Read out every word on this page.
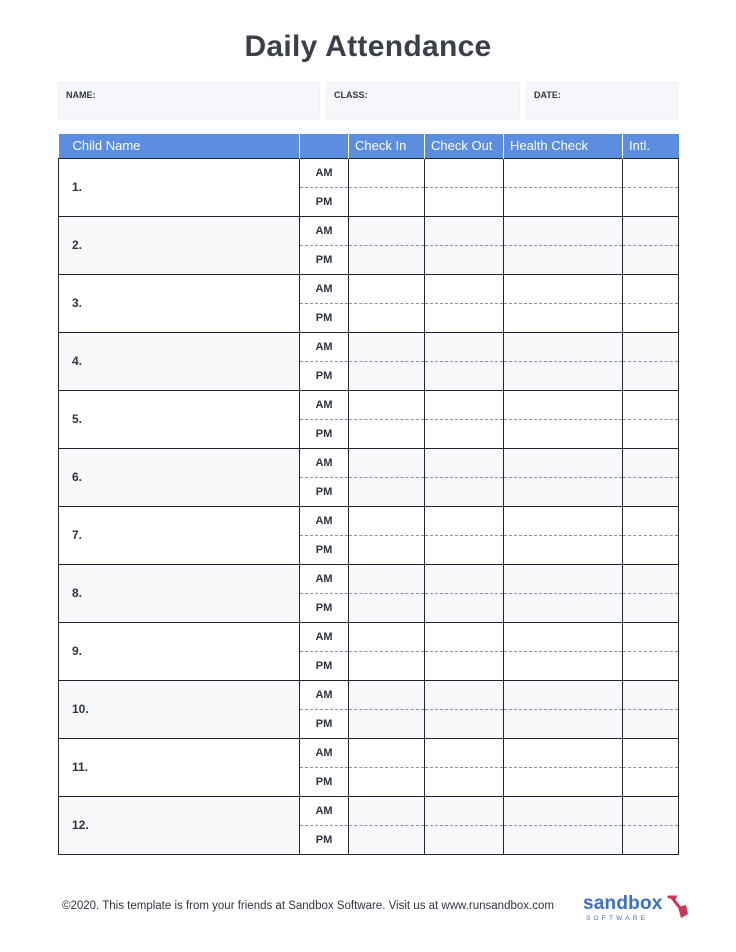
Daily Attendance
NAME:	CLASS:	DATE:
Child Name		Check In	Check Out	Health Check	Intl.
1.	AM				
	PM				
2.	AM				
	PM				
3.	AM				
	PM				
4.	AM				
	PM				
5.	AM				
	PM				
6.	AM				
	PM				
7.	AM				
	PM				
8.	AM				
	PM				
9.	AM				
	PM				
10.	AM				
	PM				
11.	AM				
	PM				
12.	AM				
	PM				
©2020. This template is from your friends at Sandbox Software. Visit us at www.runsandbox.com sandbox
SOFTWARE
